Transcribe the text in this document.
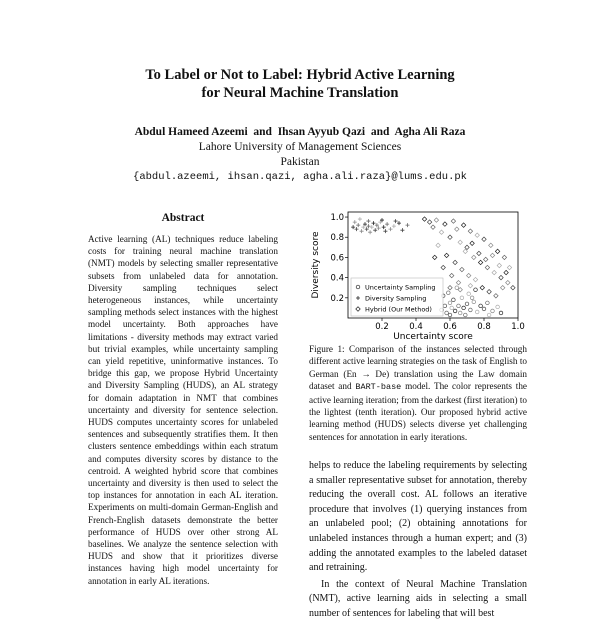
To Label or Not to Label: Hybrid Active Learning
for Neural Machine Translation
Abdul Hameed Azeemi and Ihsan Ayyub Qazi and Agha Ali Raza
Lahore University of Management Sciences
Pakistan
{abdul.azeemi, ihsan.qazi, agha.ali.raza}@lums.edu.pk
Abstract
Active learning (AL) techniques reduce labeling costs for training neural machine translation (NMT) models by selecting smaller representative subsets from unlabeled data for annotation. Diversity sampling techniques select heterogeneous instances, while uncertainty sampling methods select instances with the highest model uncertainty. Both approaches have limitations - diversity methods may extract varied but trivial examples, while uncertainty sampling can yield repetitive, uninformative instances. To bridge this gap, we propose Hybrid Uncertainty and Diversity Sampling (HUDS), an AL strategy for domain adaptation in NMT that combines uncertainty and diversity for sentence selection. HUDS computes uncertainty scores for unlabeled sentences and subsequently stratifies them. It then clusters sentence embeddings within each stratum and computes diversity scores by distance to the centroid. A weighted hybrid score that combines uncertainty and diversity is then used to select the top instances for annotation in each AL iteration. Experiments on multi-domain German-English and French-English datasets demonstrate the better performance of HUDS over other strong AL baselines. We analyze the sentence selection with HUDS and show that it prioritizes diverse instances having high model uncertainty for annotation in early AL iterations.
0.2 0.4 0.6 0.8 1.0
0.2
0.4
0.6
0.8
1.0
Uncertainty score
Diversity score	Uncertainty Sampling
Diversity Sampling
Hybrid (Our Method)
Figure 1: Comparison of the instances selected through different active learning strategies on the task of English to German (En → De) translation using the Law domain dataset and BART-base model. The color represents the active learning iteration; from the darkest (first iteration) to the lightest (tenth iteration). Our proposed hybrid active learning method (HUDS) selects diverse yet challenging sentences for annotation in early iterations.

helps to reduce the labeling requirements by selecting a smaller representative subset for annotation, thereby reducing the overall cost. AL follows an iterative procedure that involves (1) querying instances from an unlabeled pool; (2) obtaining annotations for unlabeled instances through a human expert; and (3) adding the annotated examples to the labeled dataset and retraining.

In the context of Neural Machine Translation (NMT), active learning aids in selecting a small number of sentences for labeling that will best
